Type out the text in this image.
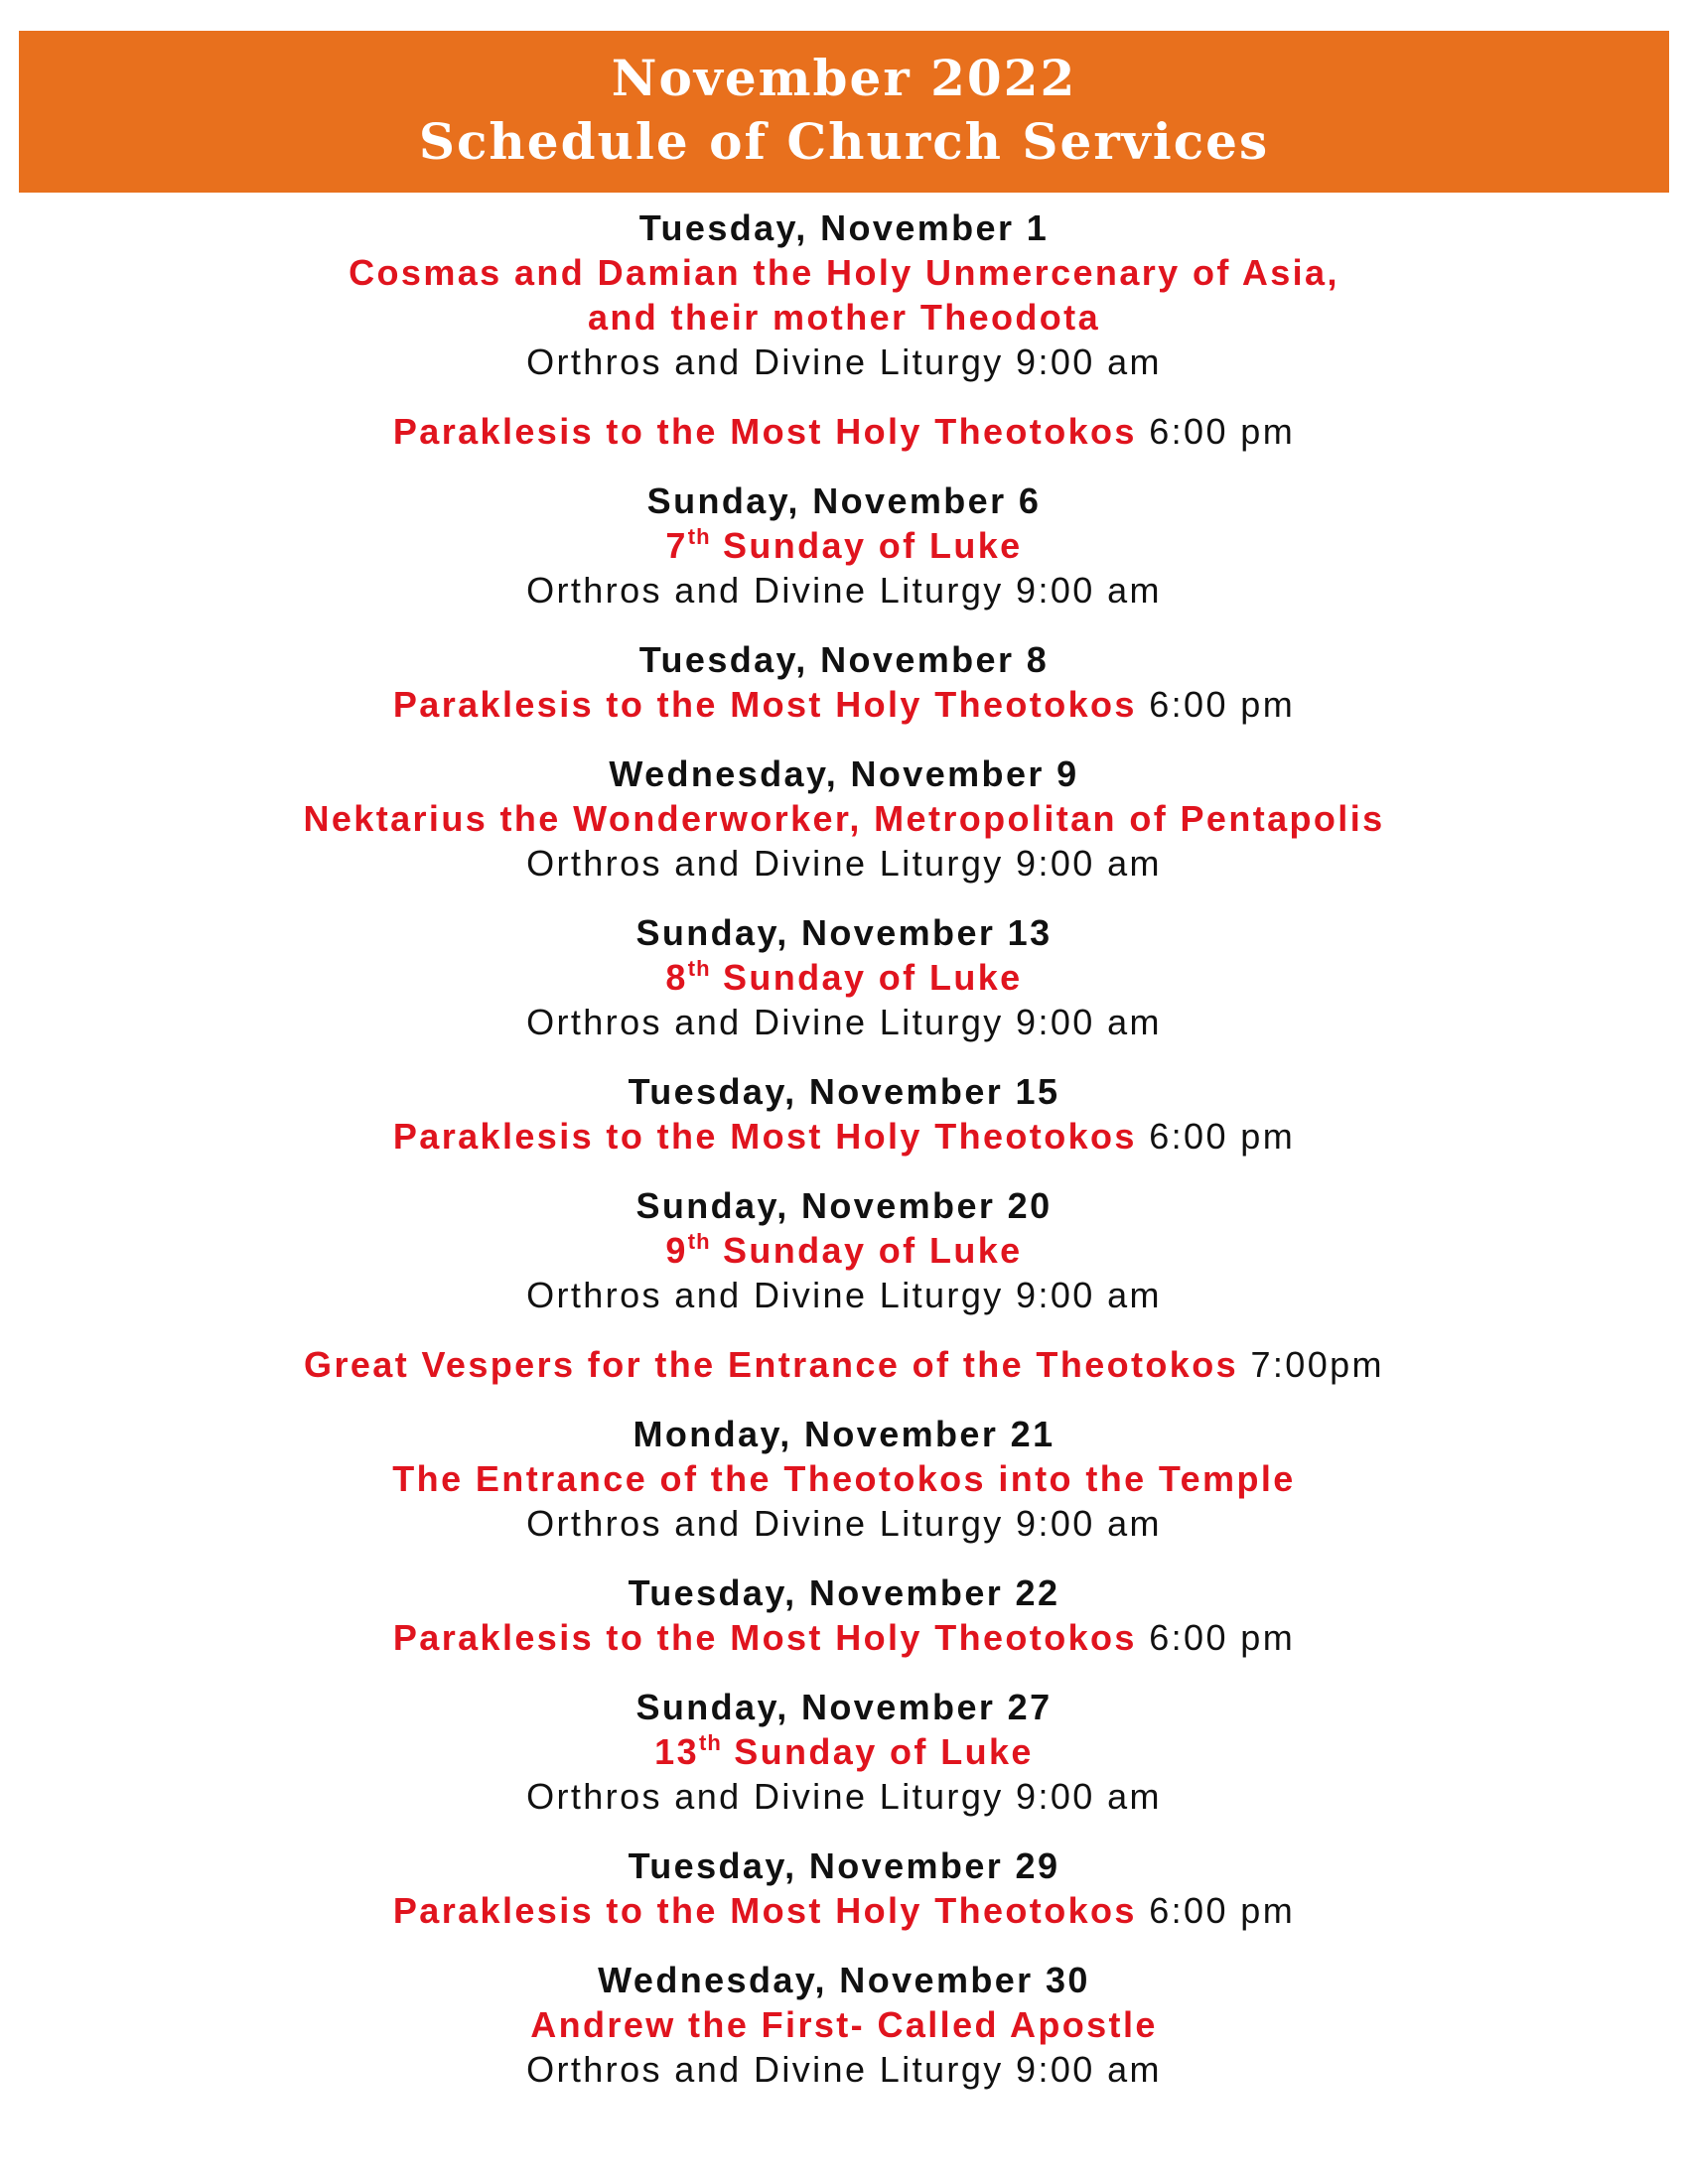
November 2022
Schedule of Church Services
Tuesday, November 1
Cosmas and Damian the Holy Unmercenary of Asia,
and their mother Theodota
Orthros and Divine Liturgy 9:00 am
Paraklesis to the Most Holy Theotokos 6:00 pm
Sunday, November 6
7th Sunday of Luke
Orthros and Divine Liturgy 9:00 am
Tuesday, November 8
Paraklesis to the Most Holy Theotokos 6:00 pm
Wednesday, November 9
Nektarius the Wonderworker, Metropolitan of Pentapolis
Orthros and Divine Liturgy 9:00 am
Sunday, November 13
8th Sunday of Luke
Orthros and Divine Liturgy 9:00 am
Tuesday, November 15
Paraklesis to the Most Holy Theotokos 6:00 pm
Sunday, November 20
9th Sunday of Luke
Orthros and Divine Liturgy 9:00 am
Great Vespers for the Entrance of the Theotokos 7:00pm
Monday, November 21
The Entrance of the Theotokos into the Temple
Orthros and Divine Liturgy 9:00 am
Tuesday, November 22
Paraklesis to the Most Holy Theotokos 6:00 pm
Sunday, November 27
13th Sunday of Luke
Orthros and Divine Liturgy 9:00 am
Tuesday, November 29
Paraklesis to the Most Holy Theotokos 6:00 pm
Wednesday, November 30
Andrew the First- Called Apostle
Orthros and Divine Liturgy 9:00 am
